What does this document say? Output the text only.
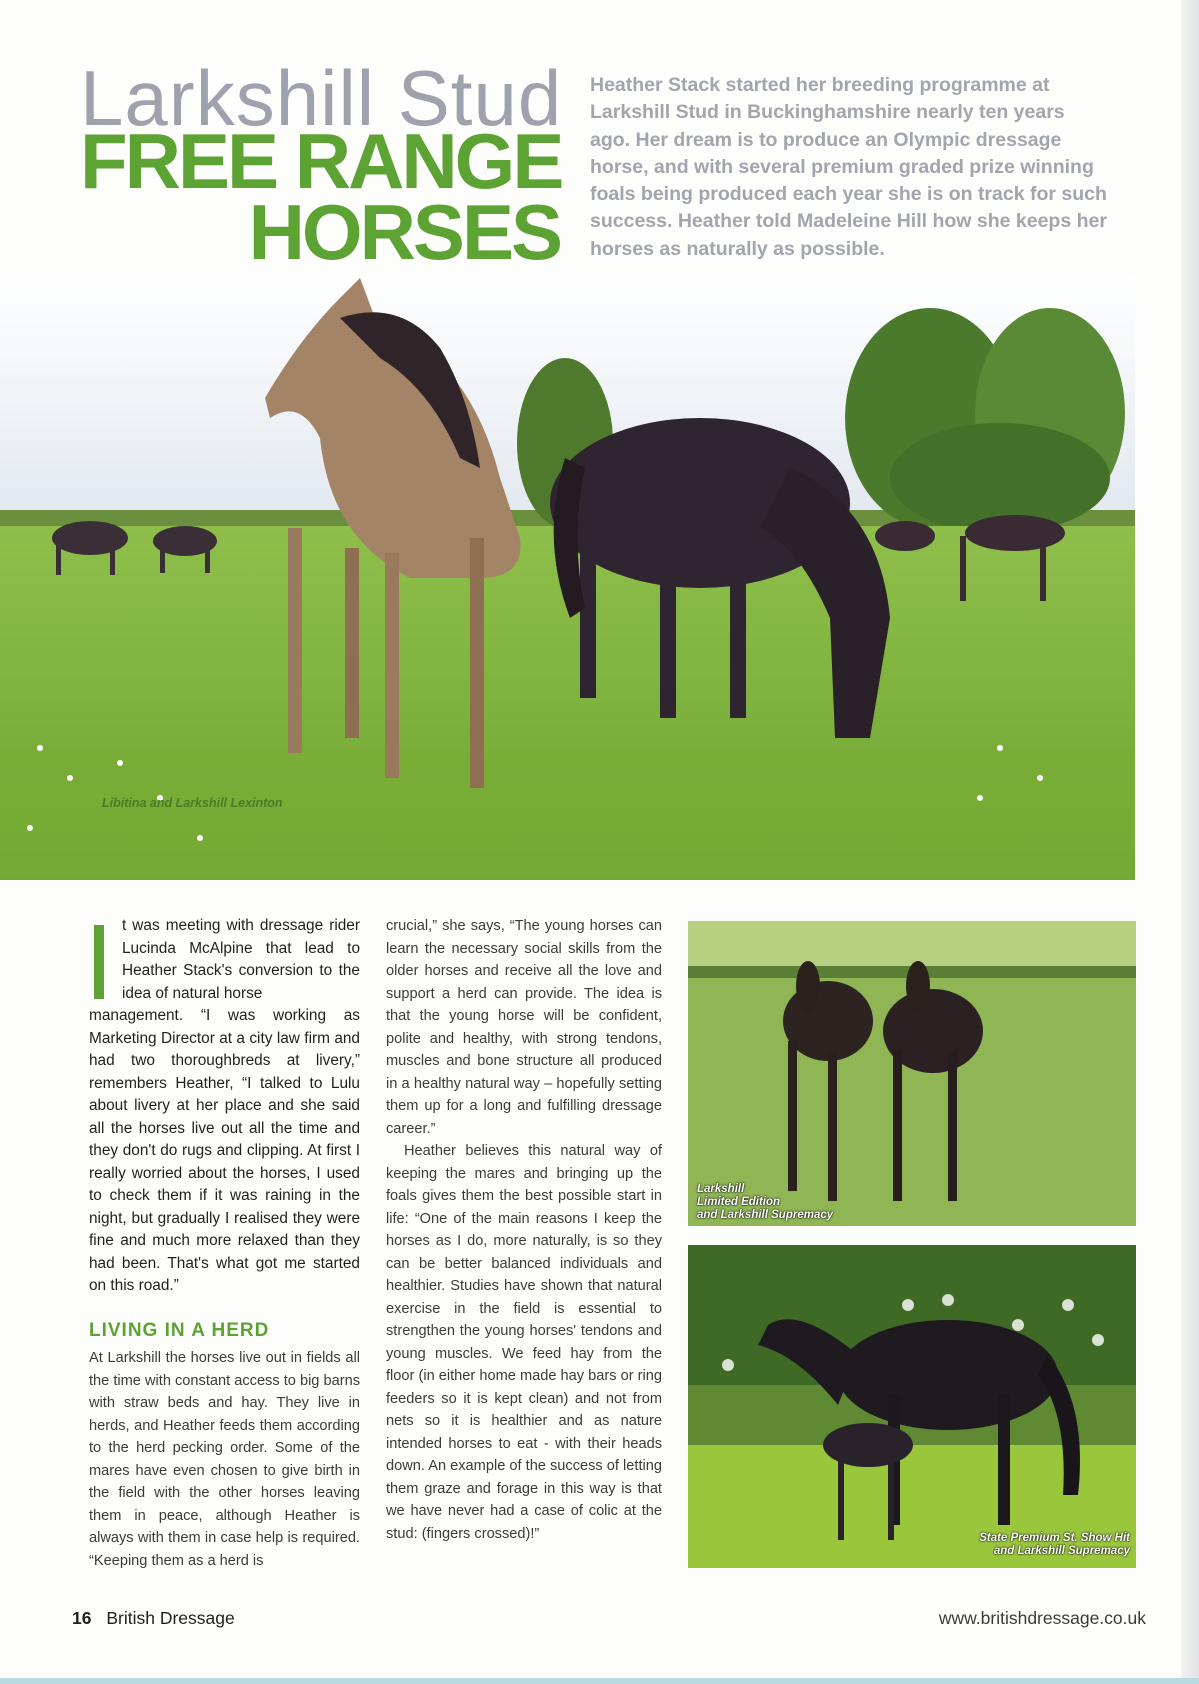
Larkshill Stud
FREE RANGE
HORSES
Heather Stack started her breeding programme at Larkshill Stud in Buckinghamshire nearly ten years ago. Her dream is to produce an Olympic dressage horse, and with several premium graded prize winning foals being produced each year she is on track for such success. Heather told Madeleine Hill how she keeps her horses as naturally as possible.
Libitina and Larkshill Lexinton
t was meeting with dressage rider Lucinda McAlpine that lead to Heather Stack's conversion to the idea of natural horse
management. “I was working as Marketing Director at a city law firm and had two thoroughbreds at livery,” remembers Heather, “I talked to Lulu about livery at her place and she said all the horses live out all the time and they don't do rugs and clipping. At first I really worried about the horses, I used to check them if it was raining in the night, but gradually I realised they were fine and much more relaxed than they had been. That's what got me started on this road.”
LIVING IN A HERD
At Larkshill the horses live out in fields all the time with constant access to big barns with straw beds and hay. They live in herds, and Heather feeds them according to the herd pecking order. Some of the mares have even chosen to give birth in the field with the other horses leaving them in peace, although Heather is always with them in case help is required. “Keeping them as a herd is

crucial,” she says, “The young horses can learn the necessary social skills from the older horses and receive all the love and support a herd can provide. The idea is that the young horse will be confident, polite and healthy, with strong tendons, muscles and bone structure all produced in a healthy natural way – hopefully setting them up for a long and fulfilling dressage career.”

Heather believes this natural way of keeping the mares and bringing up the foals gives them the best possible start in life: “One of the main reasons I keep the horses as I do, more naturally, is so they can be better balanced individuals and healthier. Studies have shown that natural exercise in the field is essential to strengthen the young horses' tendons and young muscles. We feed hay from the floor (in either home made hay bars or ring feeders so it is kept clean) and not from nets so it is healthier and as nature intended horses to eat - with their heads down. An example of the success of letting them graze and forage in this way is that we have never had a case of colic at the stud: (fingers crossed)!”

Larkshill
Limited Edition
and Larkshill Supremacy
State Premium St. Show Hit
and Larkshill Supremacy
16 British Dressage	www.britishdressage.co.uk
